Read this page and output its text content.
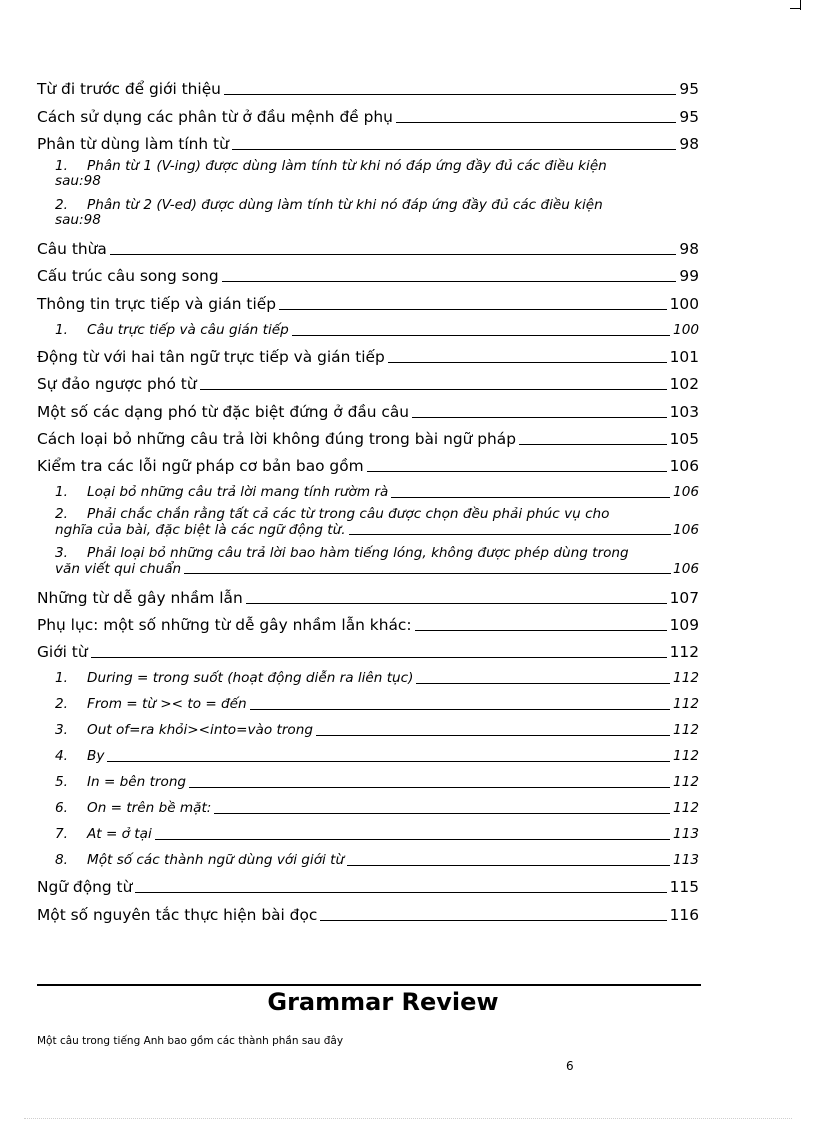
Từ đi trước để giới thiệu	95
Cách sử dụng các phân từ ở đầu mệnh đề phụ	95
Phân từ dùng làm tính từ	98
1. Phân từ 1 (V-ing) được dùng làm tính từ khi nó đáp ứng đầy đủ các điều kiện
sau:98
2. Phân từ 2 (V-ed) được dùng làm tính từ khi nó đáp ứng đầy đủ các điều kiện
sau:98
Câu thừa	98
Cấu trúc câu song song	99
Thông tin trực tiếp và gián tiếp	100
1.	Câu trực tiếp và câu gián tiếp	100
Động từ với hai tân ngữ trực tiếp và gián tiếp	101
Sự đảo ngược phó từ	102
Một số các dạng phó từ đặc biệt đứng ở đầu câu	103
Cách loại bỏ những câu trả lời không đúng trong bài ngữ pháp	105
Kiểm tra các lỗi ngữ pháp cơ bản bao gồm	106
1.	Loại bỏ những câu trả lời mang tính rườm rà	106
2. Phải chắc chắn rằng tất cả các từ trong câu được chọn đều phải phúc vụ cho
nghĩa của bài, đặc biệt là các ngữ động từ.	106
3. Phải loại bỏ những câu trả lời bao hàm tiếng lóng, không được phép dùng trong
văn viết qui chuẩn	106
Những từ dễ gây nhầm lẫn	107
Phụ lục: một số những từ dễ gây nhầm lẫn khác:	109
Giới từ	112
1.	During = trong suốt (hoạt động diễn ra liên tục)	112
2.	From = từ >< to = đến	112
3.	Out of=ra khỏi><into=vào trong	112
4.	By	112
5.	In = bên trong	112
6.	On = trên bề mặt:	112
7.	At = ở tại	113
8.	Một số các thành ngữ dùng với giới từ	113
Ngữ động từ	115
Một số nguyên tắc thực hiện bài đọc	116
Grammar Review
Một câu trong tiếng Anh bao gồm các thành phần sau đây
6
